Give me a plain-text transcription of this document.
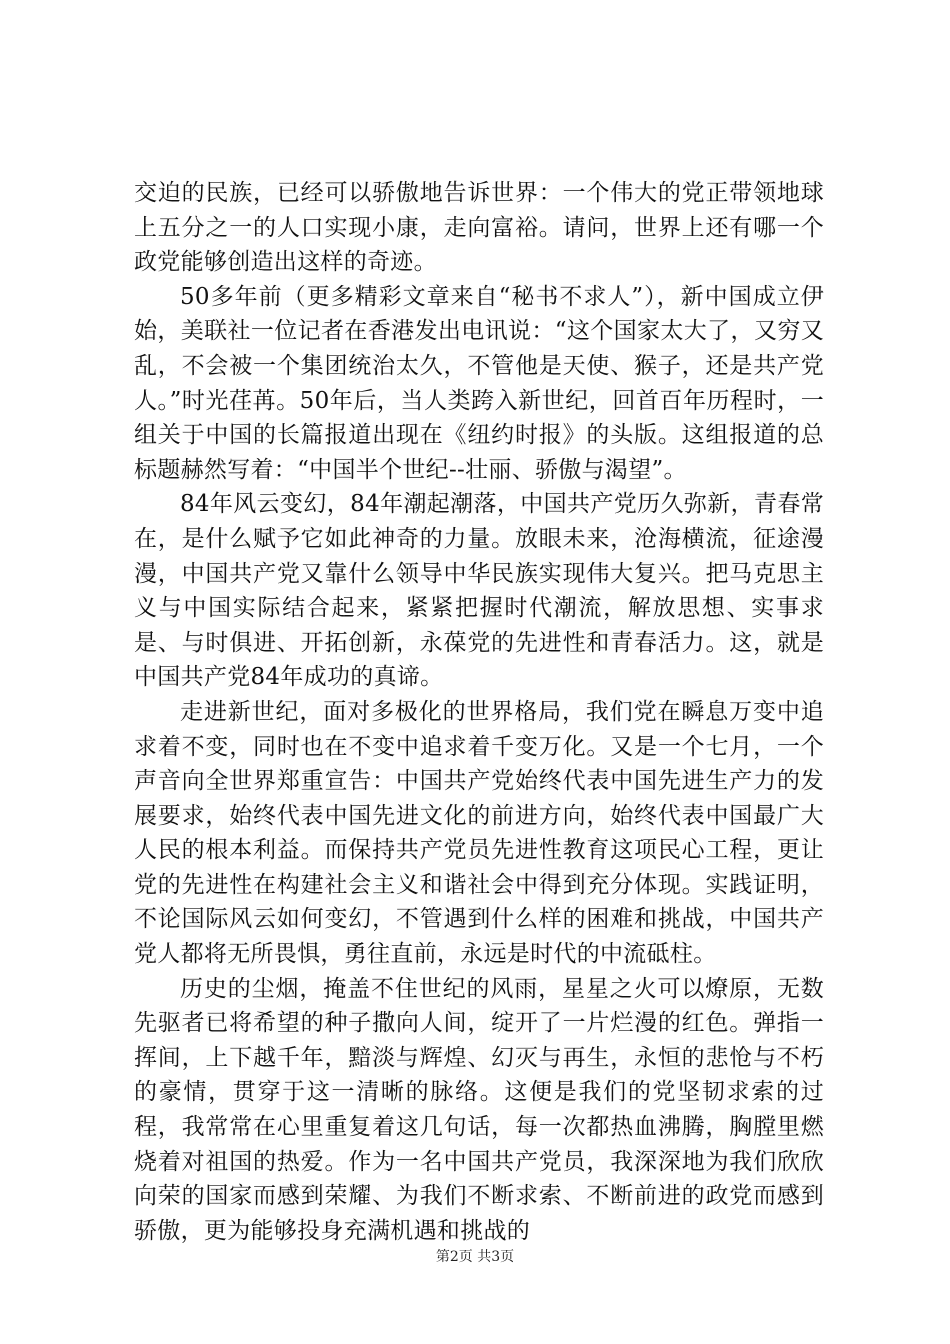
交迫的民族，已经可以骄傲地告诉世界：一个伟大的党正带领地球上五分之一的人口实现小康，走向富裕。请问，世界上还有哪一个政党能够创造出这样的奇迹。

50多年前（更多精彩文章来自“秘书不求人”），新中国成立伊始，美联社一位记者在香港发出电讯说：“这个国家太大了，又穷又乱，不会被一个集团统治太久，不管他是天使、猴子，还是共产党人。”时光荏苒。50年后，当人类跨入新世纪，回首百年历程时，一组关于中国的长篇报道出现在《纽约时报》的头版。这组报道的总标题赫然写着：“中国半个世纪--壮丽、骄傲与渴望”。

84年风云变幻，84年潮起潮落，中国共产党历久弥新，青春常在，是什么赋予它如此神奇的力量。放眼未来，沧海横流，征途漫漫，中国共产党又靠什么领导中华民族实现伟大复兴。把马克思主义与中国实际结合起来，紧紧把握时代潮流，解放思想、实事求是、与时俱进、开拓创新，永葆党的先进性和青春活力。这，就是中国共产党84年成功的真谛。

走进新世纪，面对多极化的世界格局，我们党在瞬息万变中追求着不变，同时也在不变中追求着千变万化。又是一个七月，一个声音向全世界郑重宣告：中国共产党始终代表中国先进生产力的发展要求，始终代表中国先进文化的前进方向，始终代表中国最广大人民的根本利益。而保持共产党员先进性教育这项民心工程，更让党的先进性在构建社会主义和谐社会中得到充分体现。实践证明，不论国际风云如何变幻，不管遇到什么样的困难和挑战，中国共产党人都将无所畏惧，勇往直前，永远是时代的中流砥柱。

历史的尘烟，掩盖不住世纪的风雨，星星之火可以燎原，无数先驱者已将希望的种子撒向人间，绽开了一片烂漫的红色。弹指一挥间，上下越千年，黯淡与辉煌、幻灭与再生，永恒的悲怆与不朽的豪情，贯穿于这一清晰的脉络。这便是我们的党坚韧求索的过程，我常常在心里重复着这几句话，每一次都热血沸腾，胸膛里燃烧着对祖国的热爱。作为一名中国共产党员，我深深地为我们欣欣向荣的国家而感到荣耀、为我们不断求索、不断前进的政党而感到骄傲，更为能够投身充满机遇和挑战的

第2页 共3页
